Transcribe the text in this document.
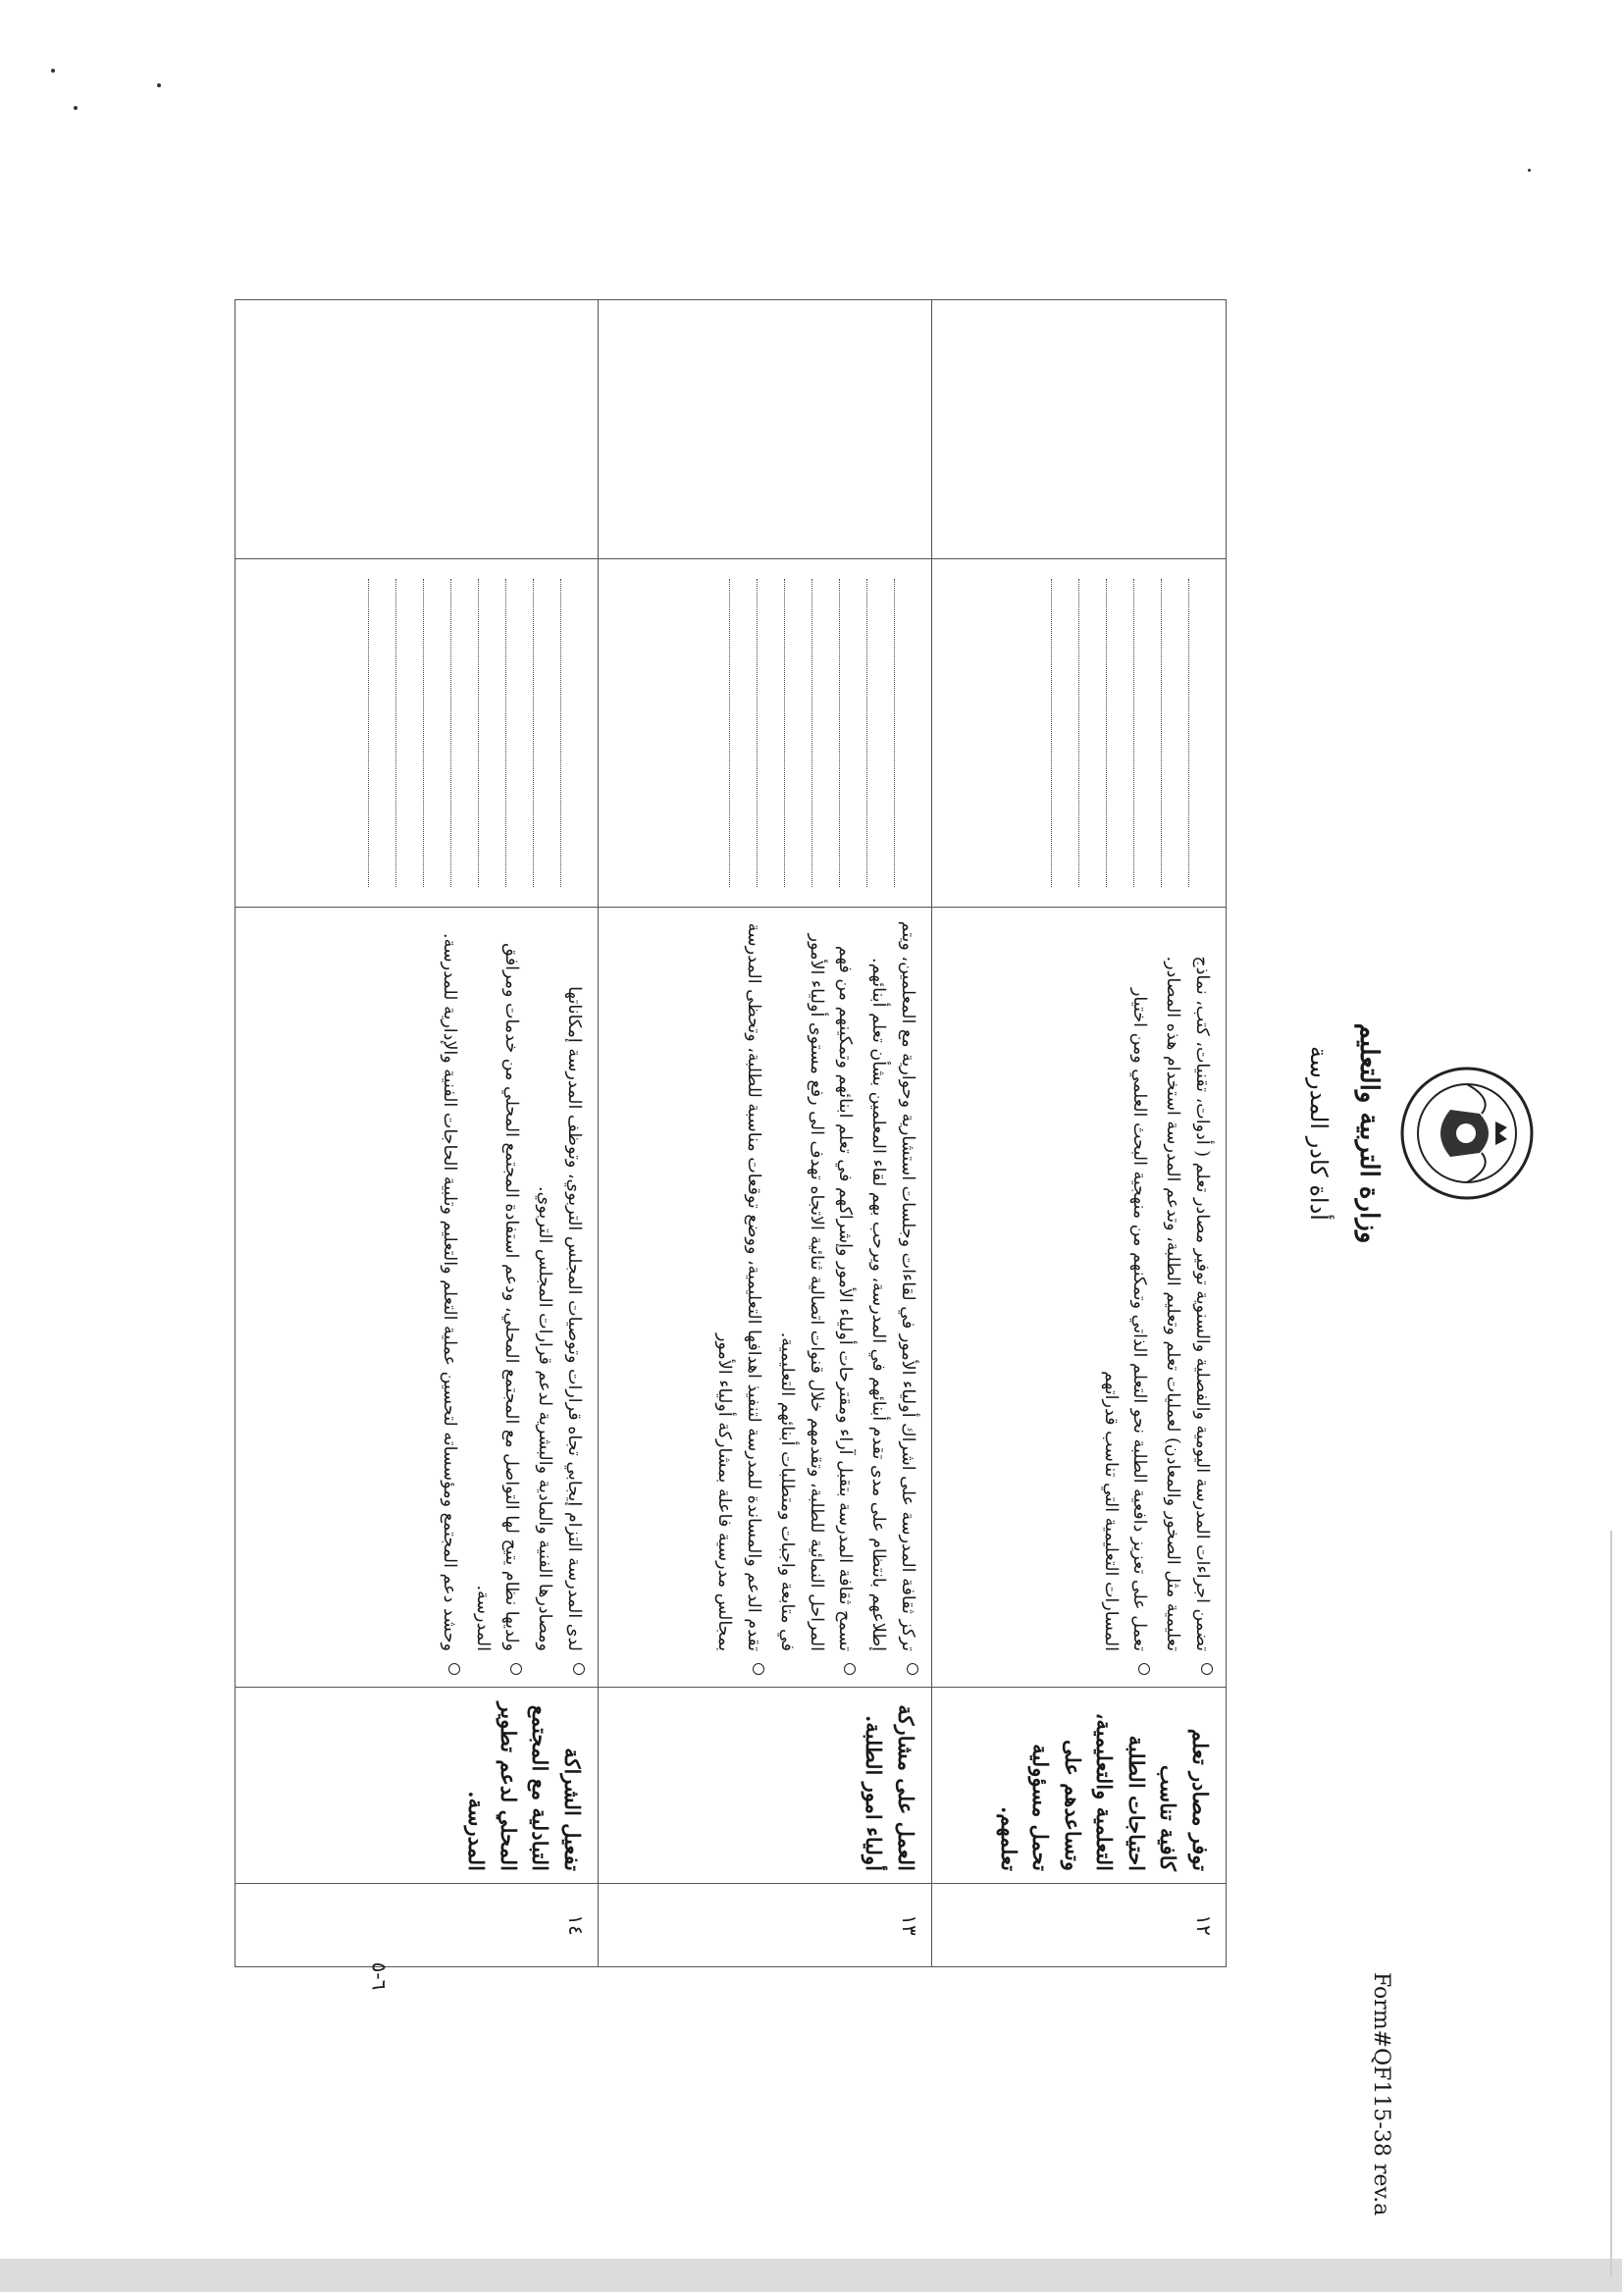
وزارة التربية والتعليم
أداة كادر المدرسة
١٢	توفر مصادر تعلم كافية تناسب احتياجات الطلبة التعلمية والتعليمية، وتساعدهم على تحمل مسؤولية تعلمهم.	تضمن اجراءات المدرسة اليومية والفصلية والسنوية توفير مصادر تعلم ( أدوات، تقنيات، كتب، نماذج تعليمية مثل الصخور والمعادن) لعمليات تعلم وتعليم الطلبة، وتدعم المدرسة استخدام هذه المصادر.
تعمل على تعزيز دافعية الطلبة نحو التعلم الذاتي وتمكنهم من منهجية البحث العلمي ومن اختيار المسارات التعليمية التي تناسب قدراتهم		

١٣	العمل على مشاركة أولياء امور الطلبة.	تركز ثقافة المدرسة على اشراك أولياء الأمور في لقاءات وجلسات استشارية وحوارية مع المعلمين، ويتم إطلاعهم بانتظام على مدى تقدم أبنائهم في المدرسة، ويرحب بهم لقاء المعلمين بشأن تعلم أبنائهم.
تسمح ثقافة المدرسة بتقبل آراء ومقترحات أولياء الأمور وإشراكهم في تعلم ابنائهم وتمكينهم من فهم المراحل النمائية للطلبة، وتقدمهم خلال قنوات اتصالية ثنائية الاتجاه تهدف الى رفع مستوى أولياء الأمور في متابعة واجبات ومتطلبات أبنائهم التعليمية.
تقدم الدعم والمساندة للمدرسة لتنفيذ اهدافها التعليمية، ووضع توقعات مناسبة للطلبة، وتحظى المدرسة بمجالس مدرسية فاعلة بمشاركة أولياء الأمور		

١٤	تفعيل الشراكة التبادلية مع المجتمع المحلي لدعم تطوير المدرسة.	لدى المدرسة التزام إيجابي تجاه قرارات وتوصيات المجلس التربوي، وتوظف المدرسة إمكاناتها ومصادرها الفنية والمادية والبشرية لدعم قرارات المجلس التربوي.
ولديها نظام يتيح لها التواصل مع المجتمع المحلي، ودعم استفادة المجتمع المحلي من خدمات ومرافق المدرسة.
وحشد دعم المجتمع ومؤسساته لتحسين عملية التعلم والتعليم وتلبية الحاجات الفنية والإدارية للمدرسة.		

٦-٥	Form#QF115-38 rev.a
